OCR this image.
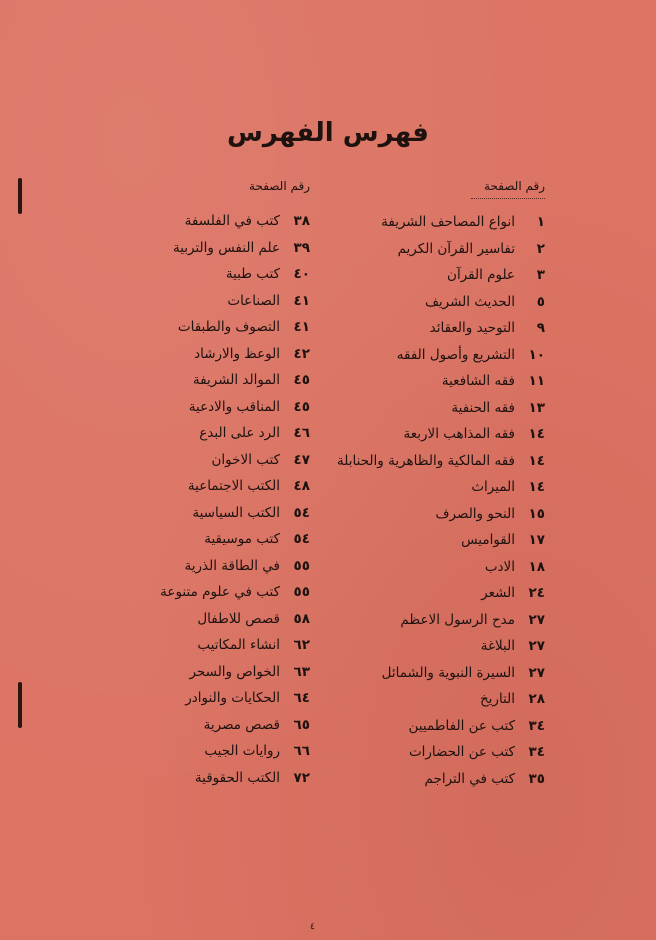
فهرس الفهرس
رقم الصفحة
١انواع المصاحف الشريفة
٢تفاسير القرآن الكريم
٣علوم القرآن
٥الحديث الشريف
٩التوحيد والعقائد
١٠التشريع وأصول الفقه
١١فقه الشافعية
١٣فقه الحنفية
١٤فقه المذاهب الاربعة
١٤فقه المالكية والظاهرية والحنابلة
١٤الميراث
١٥النحو والصرف
١٧القواميس
١٨الادب
٢٤الشعر
٢٧مدح الرسول الاعظم
٢٧البلاغة
٢٧السيرة النبوية والشمائل
٢٨التاريخ
٣٤كتب عن الفاطميين
٣٤كتب عن الحضارات
٣٥كتب في التراجم
رقم الصفحة
٣٨كتب في الفلسفة
٣٩علم النفس والتربية
٤٠كتب طبية
٤١الصناعات
٤١التصوف والطبقات
٤٢الوعظ والارشاد
٤٥الموالد الشريفة
٤٥المناقب والادعية
٤٦الرد على البدع
٤٧كتب الاخوان
٤٨الكتب الاجتماعية
٥٤الكتب السياسية
٥٤كتب موسيقية
٥٥في الطاقة الذرية
٥٥كتب في علوم متنوعة
٥٨قصص للاطفال
٦٢انشاء المكاتيب
٦٣الخواص والسحر
٦٤الحكايات والنوادر
٦٥قصص مصرية
٦٦روايات الجيب
٧٢الكتب الحقوقية
٤
